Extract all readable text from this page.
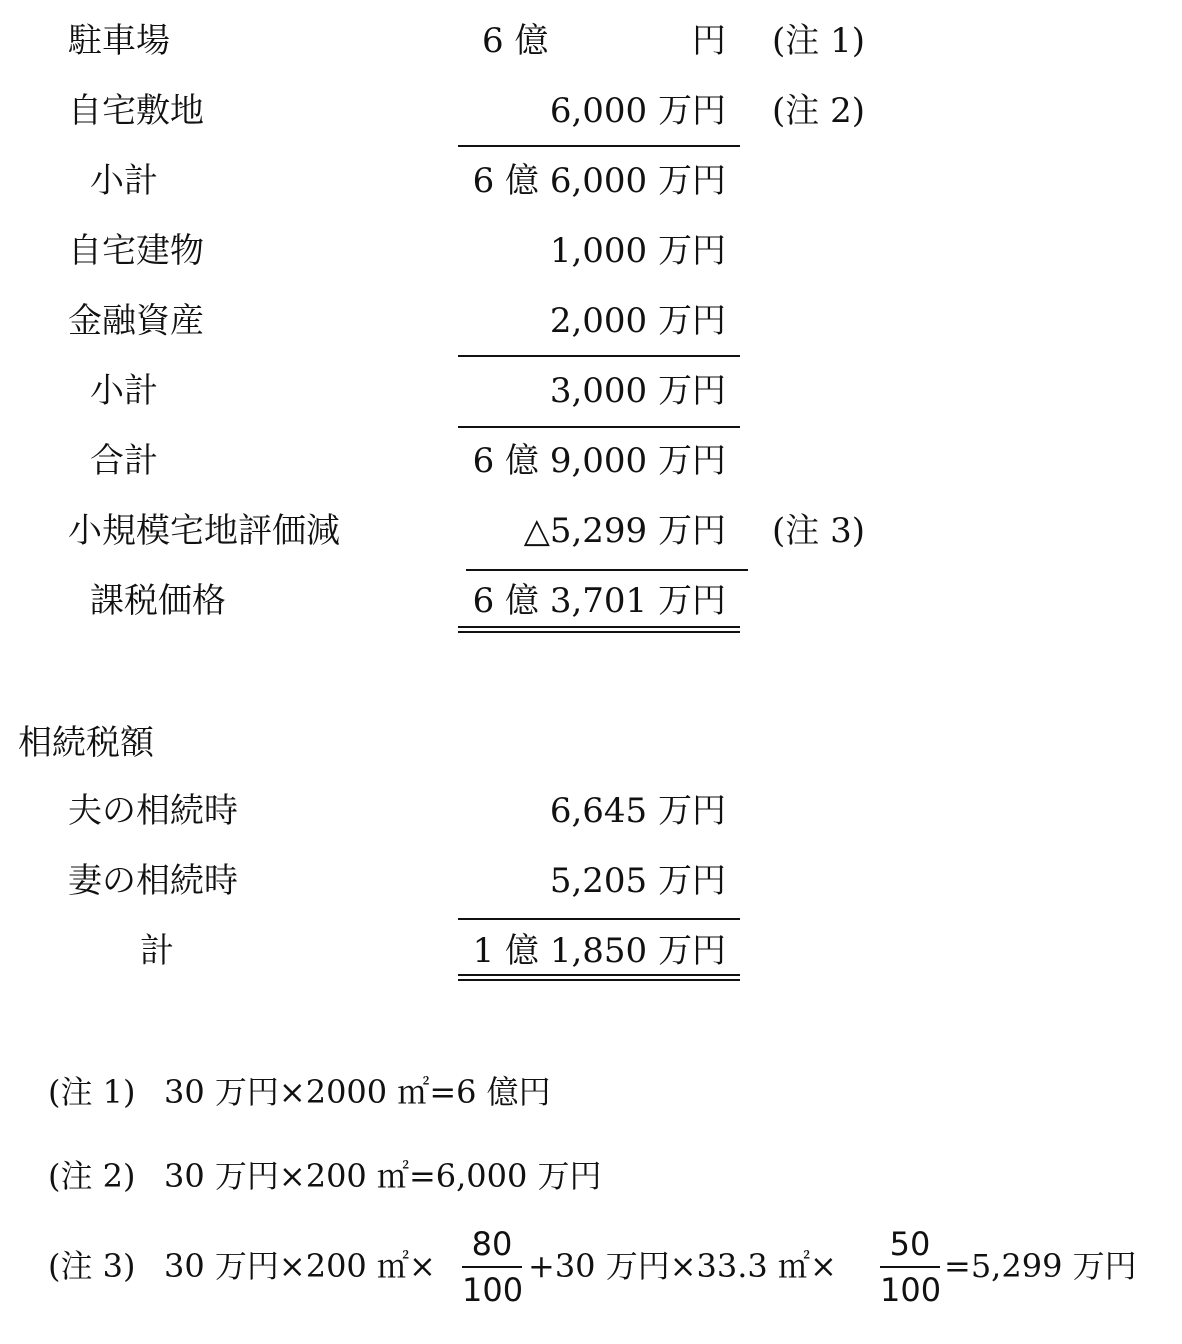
駐車場	6 億	円 (注 1)
自宅敷地	6,000 万円 (注 2)
小計	6 億 6,000 万円
自宅建物	1,000 万円
金融資産	2,000 万円
小計	3,000 万円
合計	6 億 9,000 万円
小規模宅地評価減	△5,299 万円 (注 3)
課税価格	6 億 3,701 万円
相続税額
夫の相続時	6,645 万円
妻の相続時	5,205 万円
計	1 億 1,850 万円
(注 1) 30 万円×2000 ㎡=6 億円
(注 2) 30 万円×200 ㎡=6,000 万円
(注 3) 30 万円×200 ㎡×
80
100
+30 万円×33.3 ㎡×
50
100
=5,299 万円
